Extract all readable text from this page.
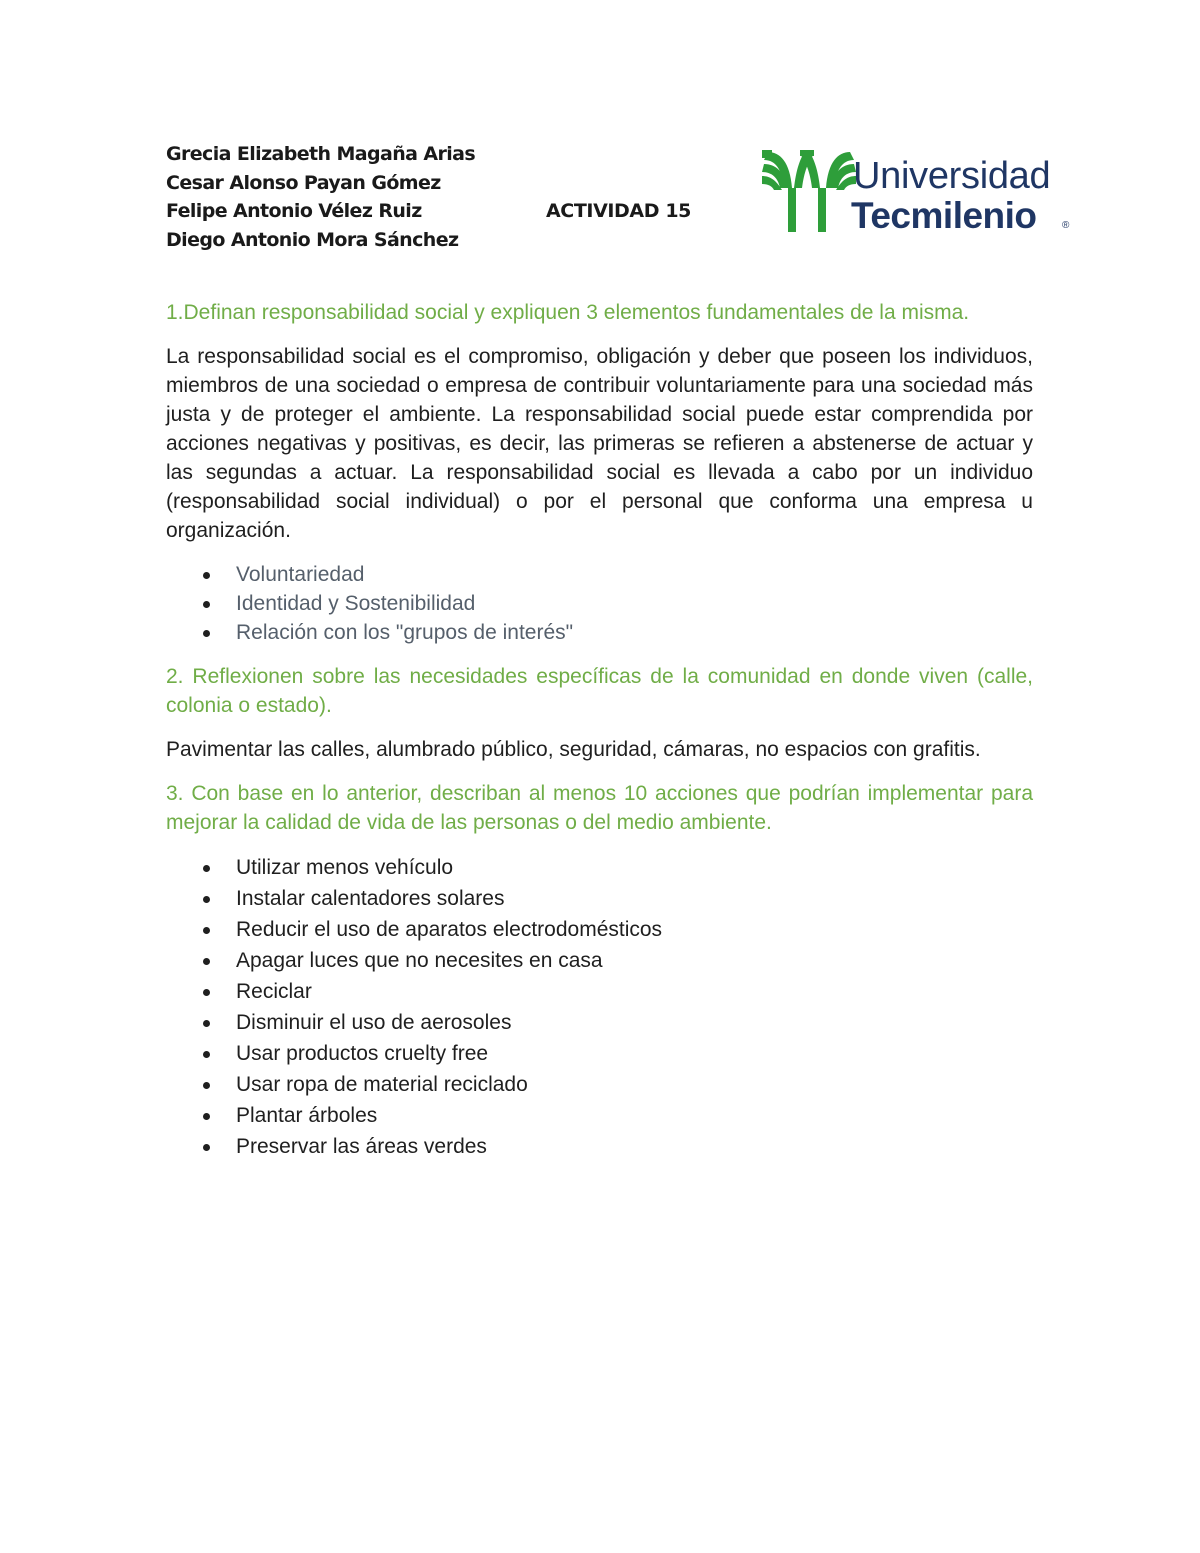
Grecia Elizabeth Magaña Arias
Cesar Alonso Payan Gómez
Felipe Antonio Vélez Ruiz
Diego Antonio Mora Sánchez
ACTIVIDAD 15
Universidad
Tecmilenio	®

1.Definan responsabilidad social y expliquen 3 elementos fundamentales de la misma.

La responsabilidad social es el compromiso, obligación y deber que poseen los individuos, miembros de una sociedad o empresa de contribuir voluntariamente para una sociedad más justa y de proteger el ambiente. La responsabilidad social puede estar comprendida por acciones negativas y positivas, es decir, las primeras se refieren a abstenerse de actuar y las segundas a actuar. La responsabilidad social es llevada a cabo por un individuo (responsabilidad social individual) o por el personal que conforma una empresa u organización.

Voluntariedad
Identidad y Sostenibilidad
Relación con los "grupos de interés"

2. Reflexionen sobre las necesidades específicas de la comunidad en donde viven (calle, colonia o estado).

Pavimentar las calles, alumbrado público, seguridad, cámaras, no espacios con grafitis.

3. Con base en lo anterior, describan al menos 10 acciones que podrían implementar para mejorar la calidad de vida de las personas o del medio ambiente.

Utilizar menos vehículo
Instalar calentadores solares
Reducir el uso de aparatos electrodomésticos
Apagar luces que no necesites en casa
Reciclar
Disminuir el uso de aerosoles
Usar productos cruelty free
Usar ropa de material reciclado
Plantar árboles
Preservar las áreas verdes
